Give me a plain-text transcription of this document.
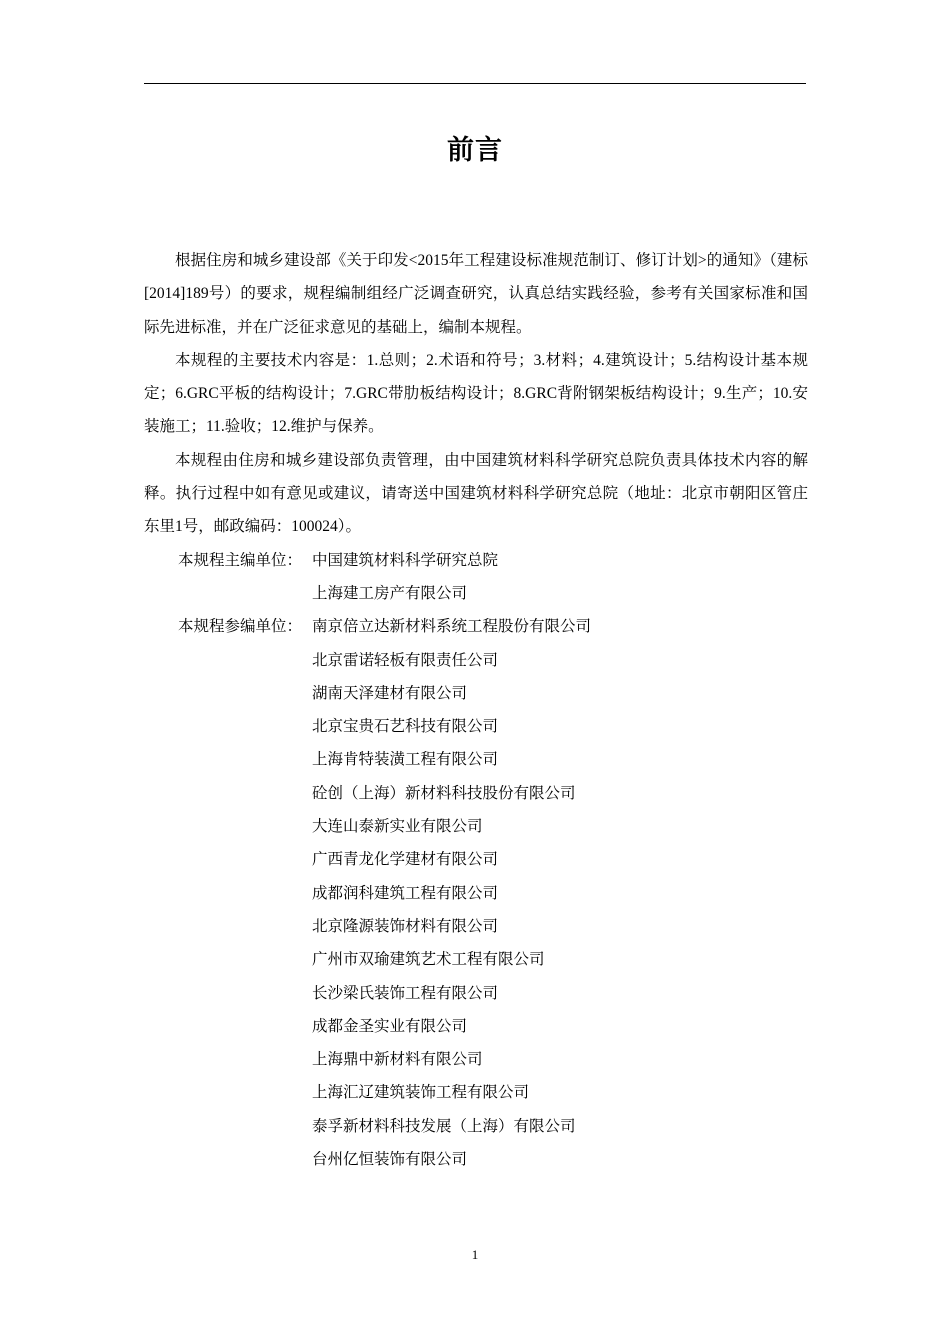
前言

根据住房和城乡建设部《关于印发<2015年工程建设标准规范制订、修订计划>的通知》（建标[2014]189号）的要求，规程编制组经广泛调查研究，认真总结实践经验，参考有关国家标准和国际先进标准，并在广泛征求意见的基础上，编制本规程。

本规程的主要技术内容是：1.总则；2.术语和符号；3.材料；4.建筑设计；5.结构设计基本规定；6.GRC平板的结构设计；7.GRC带肋板结构设计；8.GRC背附钢架板结构设计；9.生产；10.安装施工；11.验收；12.维护与保养。

本规程由住房和城乡建设部负责管理，由中国建筑材料科学研究总院负责具体技术内容的解释。执行过程中如有意见或建议，请寄送中国建筑材料科学研究总院（地址：北京市朝阳区管庄东里1号，邮政编码：100024）。

本规程主编单位： 中国建筑材料科学研究总院
上海建工房产有限公司
本规程参编单位： 南京倍立达新材料系统工程股份有限公司
北京雷诺轻板有限责任公司
湖南天泽建材有限公司
北京宝贵石艺科技有限公司
上海肯特装潢工程有限公司
砼创（上海）新材料科技股份有限公司
大连山泰新实业有限公司
广西青龙化学建材有限公司
成都润科建筑工程有限公司
北京隆源装饰材料有限公司
广州市双瑜建筑艺术工程有限公司
长沙梁氏装饰工程有限公司
成都金圣实业有限公司
上海鼎中新材料有限公司
上海汇辽建筑装饰工程有限公司
泰孚新材料科技发展（上海）有限公司
台州亿恒装饰有限公司
1
